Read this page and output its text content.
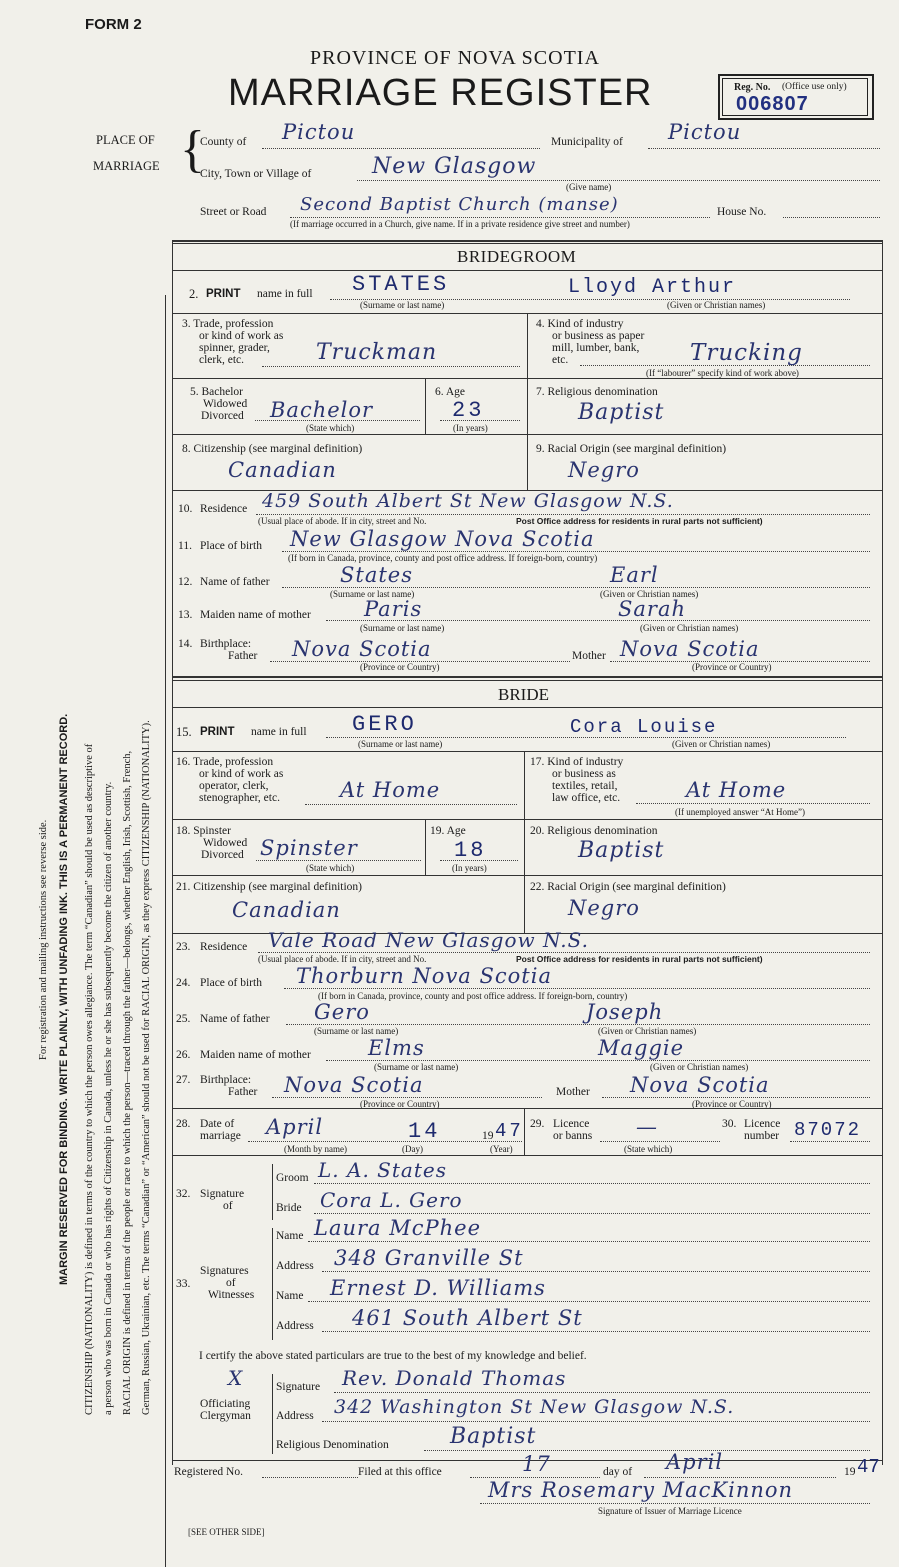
For registration and mailing instructions see reverse side. MARGIN RESERVED FOR BINDING. WRITE PLAINLY, WITH UNFADING INK. THIS IS A PERMANENT RECORD. CITIZENSHIP (NATIONALITY) is defined in terms of the country to which the person owes allegiance. The term “Canadian” should be used as descriptive of a person who was born in Canada or who has rights of Citizenship in Canada, unless he or she has subsequently become the citizen of another country. RACIAL ORIGIN is defined in terms of the people or race to which the person—traced through the father—belongs, whether English, Irish, Scottish, French, German, Russian, Ukrainian, etc. The terms “Canadian” or “American” should not be used for RACIAL ORIGIN, as they express CITIZENSHIP (NATIONALITY).
FORM 2
PROVINCE OF NOVA SCOTIA
MARRIAGE REGISTER	Reg. No. (Office use only)
006807
PLACE OF
MARRIAGE {
County of Pictou	Municipality of Pictou
City, Town or Village of	New Glasgow
(Give name)
Street or Road Second Baptist Church (manse)	House No.
(If marriage occurred in a Church, give name. If in a private residence give street and number)
BRIDEGROOM
2. PRINT name in full STATES	Lloyd Arthur
(Surname or last name)	(Given or Christian names)
3. Trade, profession
or kind of work as
spinner, grader,
clerk, etc.	Truckman
4. Kind of industry
or business as paper
mill, lumber, bank,
etc.	Trucking
(If “labourer” specify kind of work above)
5. Bachelor
Widowed
Divorced Bachelor
(State which)
6. Age
23
(In years)
7. Religious denomination
Baptist
8. Citizenship (see marginal definition)
Canadian
9. Racial Origin (see marginal definition)
Negro
10. Residence 459 South Albert St New Glasgow N.S.
(Usual place of abode. If in city, street and No.	Post Office address for residents in rural parts not sufficient)
11. Place of birth New Glasgow Nova Scotia
(If born in Canada, province, county and post office address. If foreign-born, country)
12. Name of father	States	Earl
(Surname or last name)	(Given or Christian names)
13. Maiden name of mother	Paris	Sarah
(Surname or last name)	(Given or Christian names)
14. Birthplace:
Father Nova Scotia	Mother Nova Scotia
(Province or Country)	(Province or Country)
BRIDE
15. PRINT name in full GERO	Cora Louise
(Surname or last name)	(Given or Christian names)
16. Trade, profession
or kind of work as
operator, clerk,
stenographer, etc.	At Home
17. Kind of industry
or business as
textiles, retail,
law office, etc.	At Home
(If unemployed answer “At Home”)
18. Spinster
Widowed
Divorced Spinster
(State which)
19. Age
18
(In years)
20. Religious denomination
Baptist
21. Citizenship (see marginal definition)
Canadian
22. Racial Origin (see marginal definition)
Negro
23. Residence Vale Road New Glasgow N.S.
(Usual place of abode. If in city, street and No.	Post Office address for residents in rural parts not sufficient)
24. Place of birth Thorburn Nova Scotia
(If born in Canada, province, county and post office address. If foreign-born, country)
25. Name of father Gero	Joseph
(Surname or last name)	(Given or Christian names)
26. Maiden name of mother	Elms	Maggie
(Surname or last name)	(Given or Christian names)
27. Birthplace:
Father Nova Scotia	Mother Nova Scotia
(Province or Country)	(Province or Country)
28. Date of
marriage April	14	19 47
(Month by name)	(Day)	(Year)
29. Licence
or banns —
(State which)
30. Licence
number 87072
32. Signature
of
Groom L. A. States
Bride Cora L. Gero
33.
Signatures
of
Witnesses
Name Laura McPhee
Address 348 Granville St
Name Ernest D. Williams
Address 461 South Albert St
I certify the above stated particulars are true to the best of my knowledge and belief.
X
Officiating
Clergyman
Signature Rev. Donald Thomas
Address 342 Washington St New Glasgow N.S.
Religious Denomination	Baptist
Registered No.	Filed at this office	17	day of April	19 47
Mrs Rosemary MacKinnon
Signature of Issuer of Marriage Licence
[SEE OTHER SIDE]
